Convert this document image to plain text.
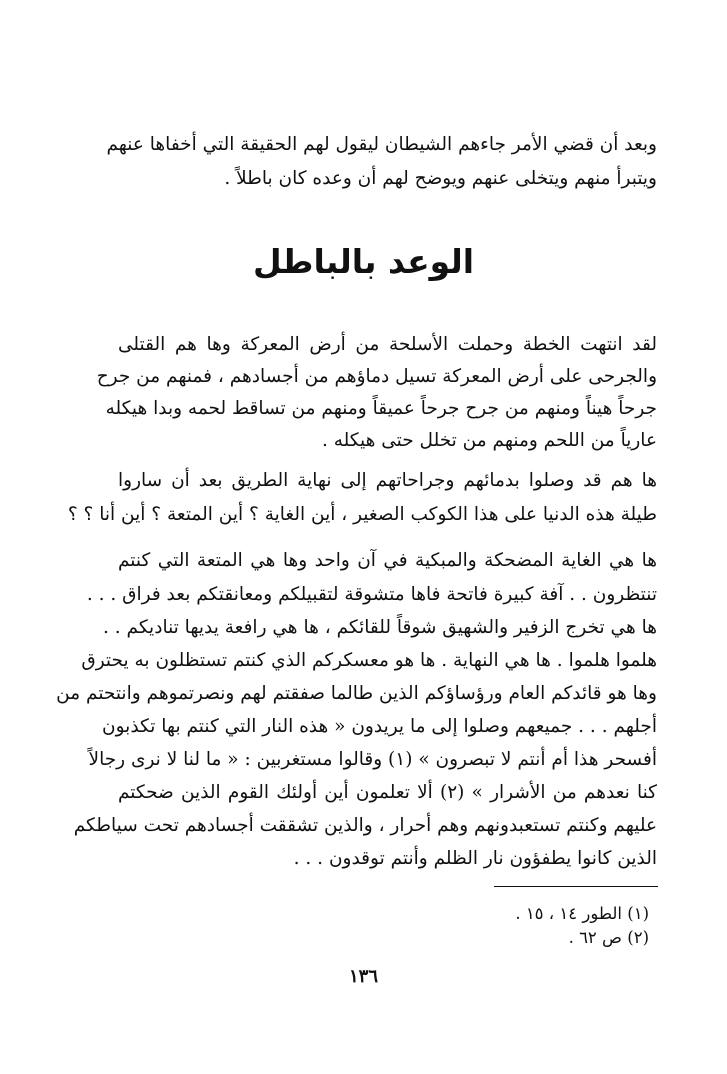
وبعد أن قضي الأمر جاءهم الشيطان ليقول لهم الحقيقة التي أخفاها عنهم
ويتبرأ منهم ويتخلى عنهم ويوضح لهم أن وعده كان باطلاً .
الوعد بالباطل
لقد انتهت الخطة وحملت الأسلحة من أرض المعركة وها هم القتلى
والجرحى على أرض المعركة تسيل دماؤهم من أجسادهم ، فمنهم من جرح
جرحاً هيناً ومنهم من جرح جرحاً عميقاً ومنهم من تساقط لحمه وبدا هيكله
عارياً من اللحم ومنهم من تخلل حتى هيكله .
ها هم قد وصلوا بدمائهم وجراحاتهم إلى نهاية الطريق بعد أن ساروا
طيلة هذه الدنيا على هذا الكوكب الصغير ، أين الغاية ؟ أين المتعة ؟ أين أنا ؟ ؟
ها هي الغاية المضحكة والمبكية في آن واحد وها هي المتعة التي كنتم
تنتظرون . . آفة كبيرة فاتحة فاها متشوقة لتقبيلكم ومعانقتكم بعد فراق . . .
ها هي تخرج الزفير والشهيق شوقاً للقائكم ، ها هي رافعة يديها تناديكم . .
هلموا هلموا . ها هي النهاية . ها هو معسكركم الذي كنتم تستظلون به يحترق
وها هو قائدكم العام ورؤساؤكم الذين طالما صفقتم لهم ونصرتموهم وانتحتم من
أجلهم . . . جميعهم وصلوا إلى ما يريدون « هذه النار التي كنتم بها تكذبون
أفسحر هذا أم أنتم لا تبصرون » (١) وقالوا مستغربين : « ما لنا لا نرى رجالاً
كنا نعدهم من الأشرار » (٢) ألا تعلمون أين أولئك القوم الذين ضحكتم
عليهم وكنتم تستعبدونهم وهم أحرار ، والذين تشققت أجسادهم تحت سياطكم
الذين كانوا يطفؤون نار الظلم وأنتم توقدون . . .
(١) الطور ١٤ ، ١٥ .
(٢) ص ٦٢ .
١٣٦
